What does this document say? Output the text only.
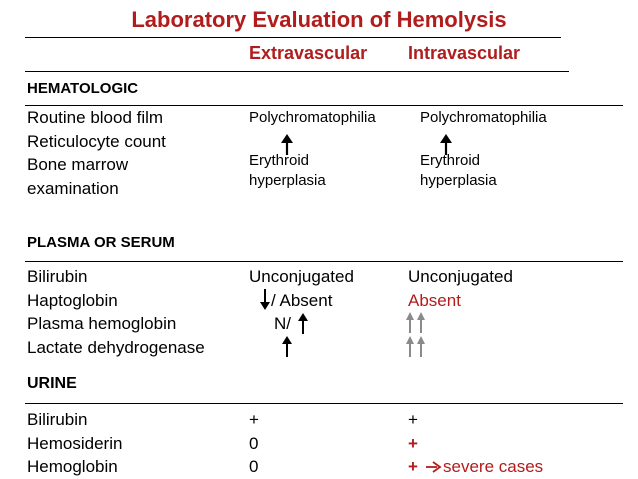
Laboratory Evaluation of Hemolysis
Extravascular Intravascular
HEMATOLOGIC
Routine blood film
Reticulocyte count
Bone marrow
examination
Polychromatophilia
Erythroid
hyperplasia
Polychromatophilia
Erythroid
hyperplasia
PLASMA OR SERUM
Bilirubin
Haptoglobin
Plasma hemoglobin
Lactate dehydrogenase
Unconjugated
/ Absent
N/
Unconjugated
Absent
URINE
Bilirubin
Hemosiderin
Hemoglobin
+
0
0
+
+
+ severe cases
